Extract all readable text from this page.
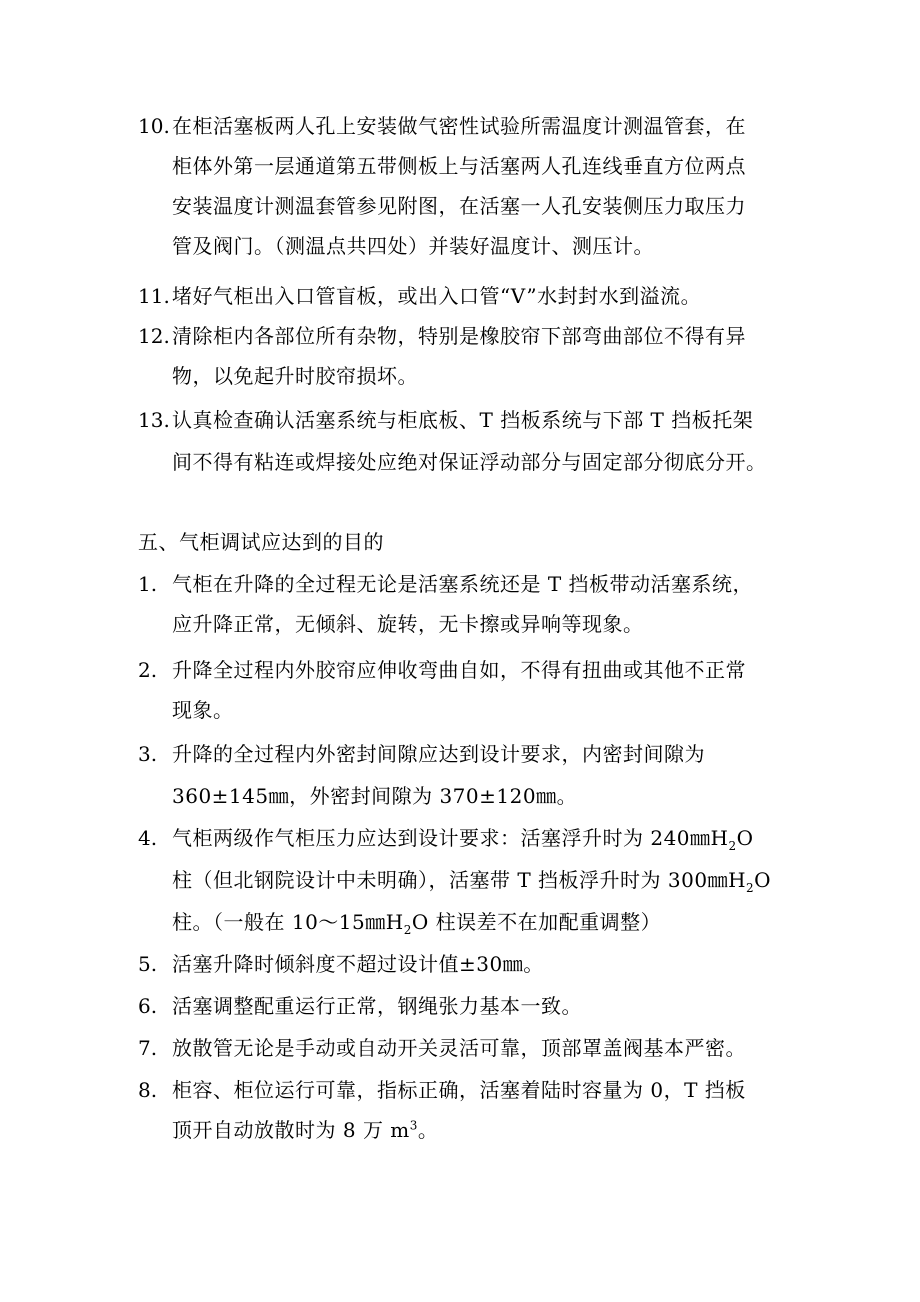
10. 在柜活塞板两人孔上安装做气密性试验所需温度计测温管套，在
柜体外第一层通道第五带侧板上与活塞两人孔连线垂直方位两点
安装温度计测温套管参见附图，在活塞一人孔安装侧压力取压力
管及阀门。（测温点共四处）并装好温度计、测压计。
11. 堵好气柜出入口管盲板，或出入口管“V”水封封水到溢流。
12. 清除柜内各部位所有杂物，特别是橡胶帘下部弯曲部位不得有异
物，以免起升时胶帘损坏。
13. 认真检查确认活塞系统与柜底板、T 挡板系统与下部 T 挡板托架
间不得有粘连或焊接处应绝对保证浮动部分与固定部分彻底分开。
五、气柜调试应达到的目的
1. 气柜在升降的全过程无论是活塞系统还是 T 挡板带动活塞系统，
应升降正常，无倾斜、旋转，无卡擦或异响等现象。
2. 升降全过程内外胶帘应伸收弯曲自如，不得有扭曲或其他不正常
现象。
3. 升降的全过程内外密封间隙应达到设计要求，内密封间隙为
360±145㎜，外密封间隙为 370±120㎜。
4. 气柜两级作气柜压力应达到设计要求：活塞浮升时为 $240㎜H_2O$
柱（但北钢院设计中未明确），活塞带 T 挡板浮升时为 $300㎜H_2O$
柱。（一般在 $10\sim 15㎜H_2O$ 柱误差不在加配重调整）
5. 活塞升降时倾斜度不超过设计值±30㎜。
6. 活塞调整配重运行正常，钢绳张力基本一致。
7. 放散管无论是手动或自动开关灵活可靠，顶部罩盖阀基本严密。
8. 柜容、柜位运行可靠，指标正确，活塞着陆时容量为 0，T 挡板
顶开自动放散时为 8 万 $m^3$。
